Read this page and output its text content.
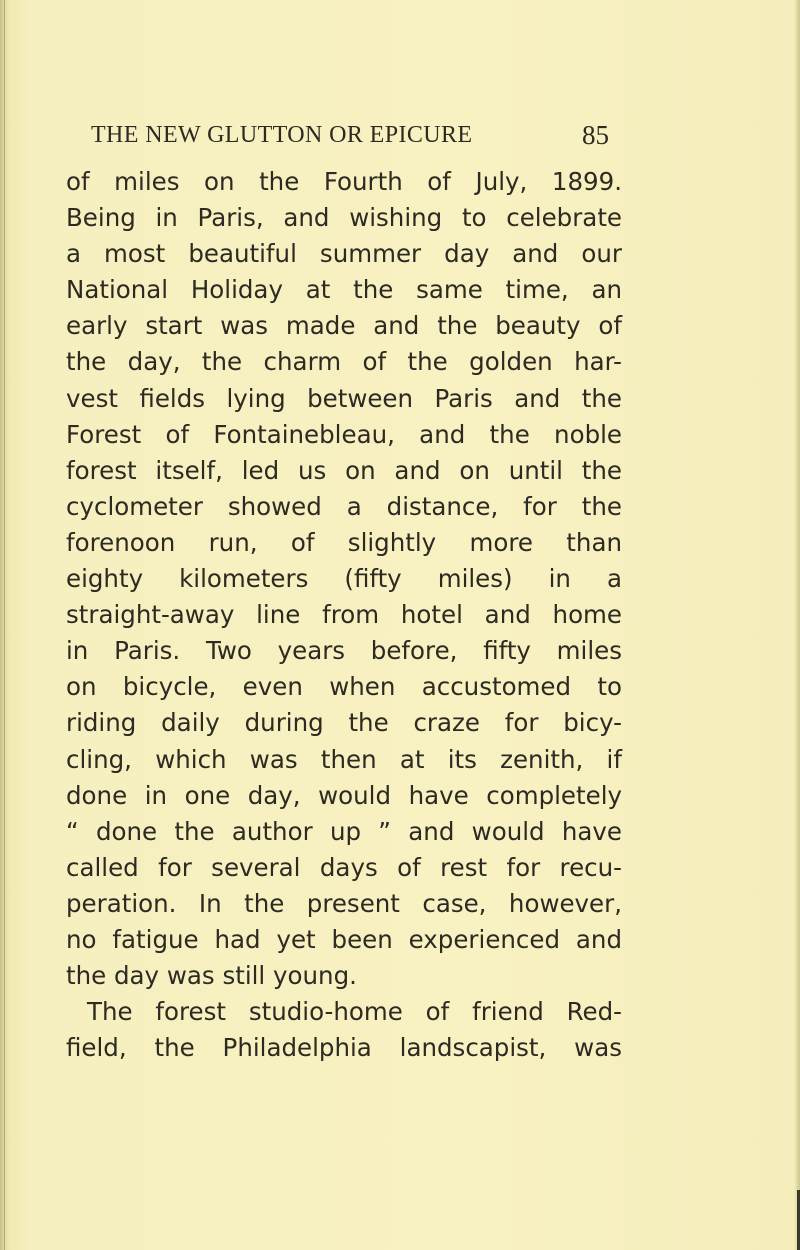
THE NEW GLUTTON OR EPICURE	85
of miles on the Fourth of July, 1899.
Being in Paris, and wishing to celebrate
a most beautiful summer day and our
National Holiday at the same time, an
early start was made and the beauty of
the day, the charm of the golden har-
vest fields lying between Paris and the
Forest of Fontainebleau, and the noble
forest itself, led us on and on until the
cyclometer showed a distance, for the
forenoon run, of slightly more than
eighty kilometers (fifty miles) in a
straight-away line from hotel and home
in Paris. Two years before, fifty miles
on bicycle, even when accustomed to
riding daily during the craze for bicy-
cling, which was then at its zenith, if
done in one day, would have completely
“ done the author up ” and would have
called for several days of rest for recu-
peration. In the present case, however,
no fatigue had yet been experienced and
the day was still young.
The forest studio-home of friend Red-
field, the Philadelphia landscapist, was
